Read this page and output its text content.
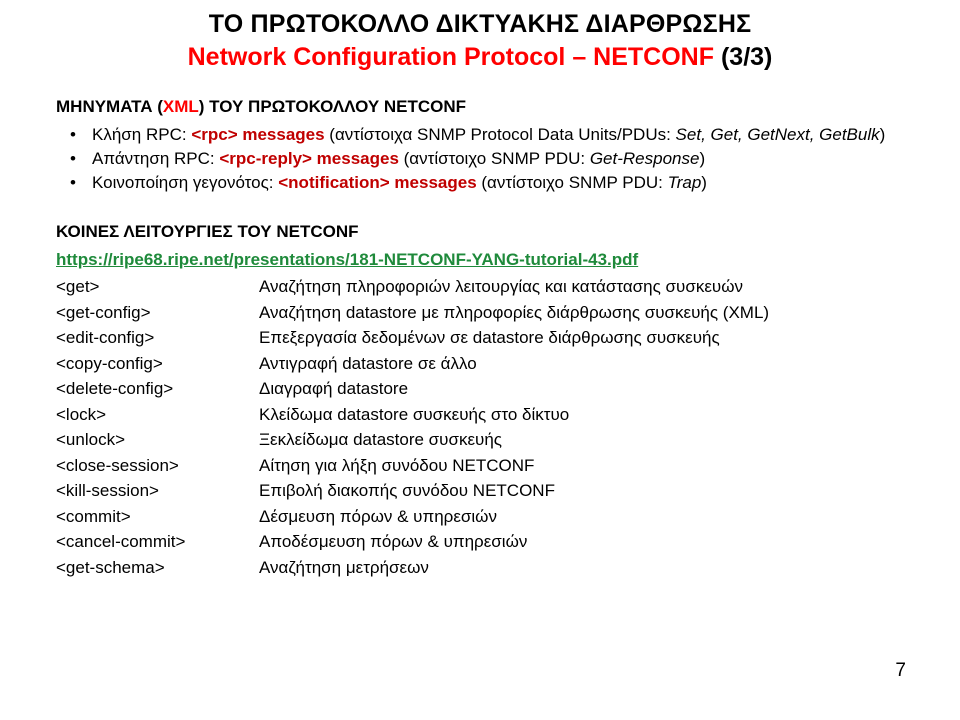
ΤΟ ΠΡΩΤΟΚΟΛΛΟ ΔΙΚΤΥΑΚΗΣ ΔΙΑΡΘΡΩΣΗΣ
Network Configuration Protocol – NETCONF (3/3)
ΜΗΝΥΜΑΤΑ (XML) ΤΟΥ ΠΡΩΤΟΚΟΛΛΟΥ NETCONF
• Κλήση RPC: <rpc> messages (αντίστοιχα SNMP Protocol Data Units/PDUs: Set, Get, GetNext, GetBulk)
• Απάντηση RPC: <rpc-reply> messages (αντίστοιχο SNMP PDU: Get-Response)
• Κοινοποίηση γεγονότος: <notification> messages (αντίστοιχο SNMP PDU: Trap)
ΚΟΙΝΕΣ ΛΕΙΤΟΥΡΓΙΕΣ ΤΟΥ NETCONF
https://ripe68.ripe.net/presentations/181-NETCONF-YANG-tutorial-43.pdf
<get>	Αναζήτηση πληροφοριών λειτουργίας και κατάστασης συσκευών
<get-config>	Αναζήτηση datastore με πληροφορίες διάρθρωσης συσκευής (XML)
<edit-config>	Επεξεργασία δεδομένων σε datastore διάρθρωσης συσκευής
<copy-config>	Αντιγραφή datastore σε άλλο
<delete-config>	Διαγραφή datastore
<lock>	Κλείδωμα datastore συσκευής στο δίκτυο
<unlock>	Ξεκλείδωμα datastore συσκευής
<close-session>	Αίτηση για λήξη συνόδου NETCONF
<kill-session>	Επιβολή διακοπής συνόδου NETCONF
<commit>	Δέσμευση πόρων & υπηρεσιών
<cancel-commit>	Αποδέσμευση πόρων & υπηρεσιών
<get-schema>	Αναζήτηση μετρήσεων
7
